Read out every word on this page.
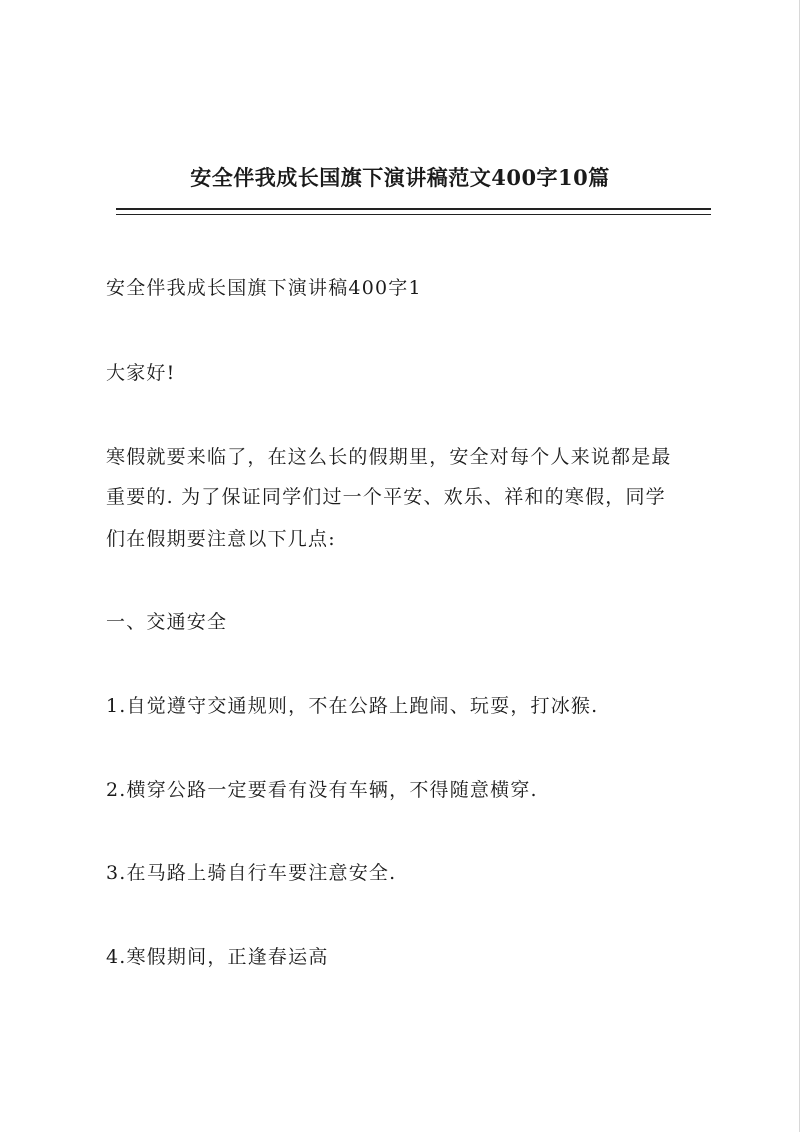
安全伴我成长国旗下演讲稿范文400字10篇
安全伴我成长国旗下演讲稿400字1
大家好!
寒假就要来临了，在这么长的假期里，安全对每个人来说都是最
重要的. 为了保证同学们过一个平安、欢乐、祥和的寒假，同学
们在假期要注意以下几点:
一、交通安全
1.自觉遵守交通规则，不在公路上跑闹、玩耍，打冰猴.
2.横穿公路一定要看有没有车辆，不得随意横穿.
3.在马路上骑自行车要注意安全.
4.寒假期间，正逢春运高
